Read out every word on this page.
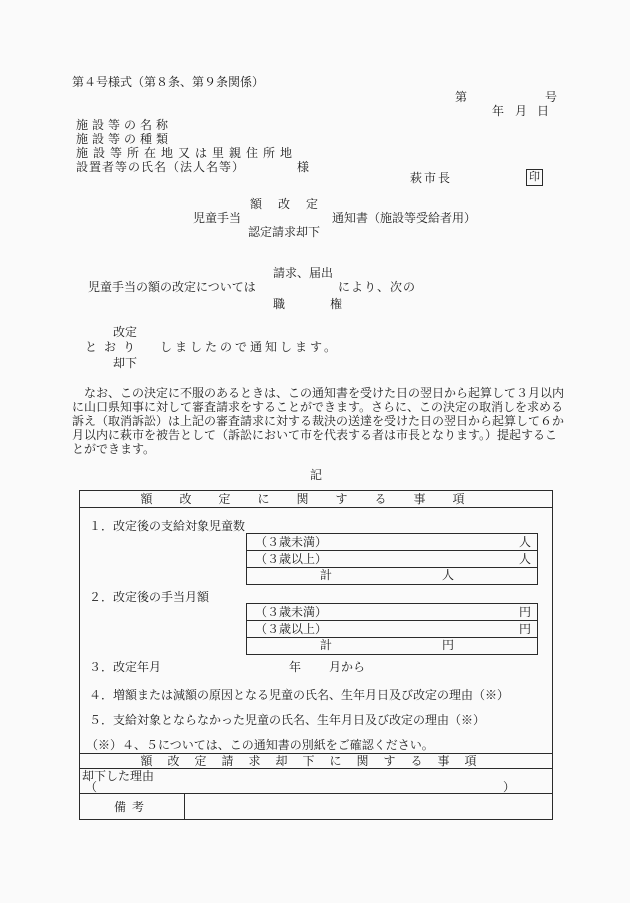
第４号様式（第８条、第９条関係）
第	号
年 月 日
施設等の名称
施設等の種類
施設等所在地又は里親住所地
設置者等の氏名（法人名等）	様
萩市長	印
額改定
児童手当	通知書（施設等受給者用）
認定請求却下
請求、届出
児童手当の額の改定については	により、次の
職権
改定
とおり しましたので通知します。
却下
　なお、この決定に不服のあるときは、この通知書を受けた日の翌日から起算して３月以内
に山口県知事に対して審査請求をすることができます。さらに、この決定の取消しを求める
訴え（取消訴訟）は上記の審査請求に対する裁決の送達を受けた日の翌日から起算して６か
月以内に萩市を被告として（訴訟において市を代表する者は市長となります。）提起するこ
とができます。
記
額改定に関する事項
１．改定後の支給対象児童数
（３歳未満）	人
（３歳以上）	人
計	人
２．改定後の手当月額
（３歳未満）	円
（３歳以上）	円
計	円
３．改定年月	年 月から
４．増額または減額の原因となる児童の氏名、生年月日及び改定の理由（※）
５．支給対象とならなかった児童の氏名、生年月日及び改定の理由（※）
（※）４、５については、この通知書の別紙をご確認ください。
額改定請求却下に関する事項
却下した理由
（	）
備考
